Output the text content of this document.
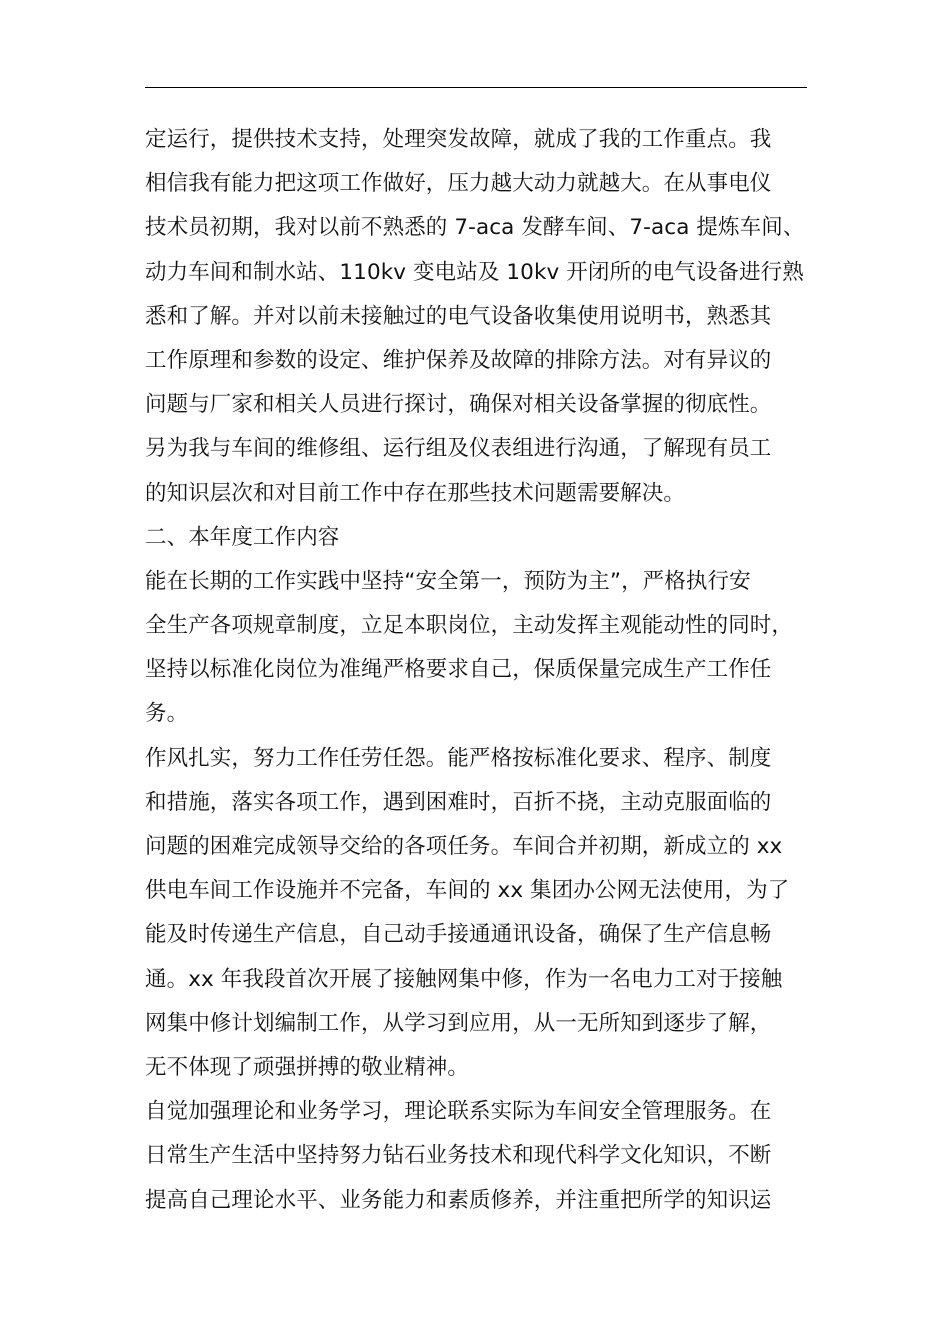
定运行，提供技术支持，处理突发故障，就成了我的工作重点。我
相信我有能力把这项工作做好，压力越大动力就越大。在从事电仪
技术员初期，我对以前不熟悉的 7-aca 发酵车间、7-aca 提炼车间、
动力车间和制水站、110kv 变电站及 10kv 开闭所的电气设备进行熟
悉和了解。并对以前未接触过的电气设备收集使用说明书，熟悉其
工作原理和参数的设定、维护保养及故障的排除方法。对有异议的
问题与厂家和相关人员进行探讨，确保对相关设备掌握的彻底性。
另为我与车间的维修组、运行组及仪表组进行沟通，了解现有员工
的知识层次和对目前工作中存在那些技术问题需要解决。
二、本年度工作内容
能在长期的工作实践中坚持“安全第一，预防为主”，严格执行安
全生产各项规章制度，立足本职岗位，主动发挥主观能动性的同时，
坚持以标准化岗位为准绳严格要求自己，保质保量完成生产工作任
务。
作风扎实，努力工作任劳任怨。能严格按标准化要求、程序、制度
和措施，落实各项工作，遇到困难时，百折不挠，主动克服面临的
问题的困难完成领导交给的各项任务。车间合并初期，新成立的 xx
供电车间工作设施并不完备，车间的 xx 集团办公网无法使用，为了
能及时传递生产信息，自己动手接通通讯设备，确保了生产信息畅
通。xx 年我段首次开展了接触网集中修，作为一名电力工对于接触
网集中修计划编制工作，从学习到应用，从一无所知到逐步了解，
无不体现了顽强拼搏的敬业精神。
自觉加强理论和业务学习，理论联系实际为车间安全管理服务。在
日常生产生活中坚持努力钻石业务技术和现代科学文化知识，不断
提高自己理论水平、业务能力和素质修养，并注重把所学的知识运
